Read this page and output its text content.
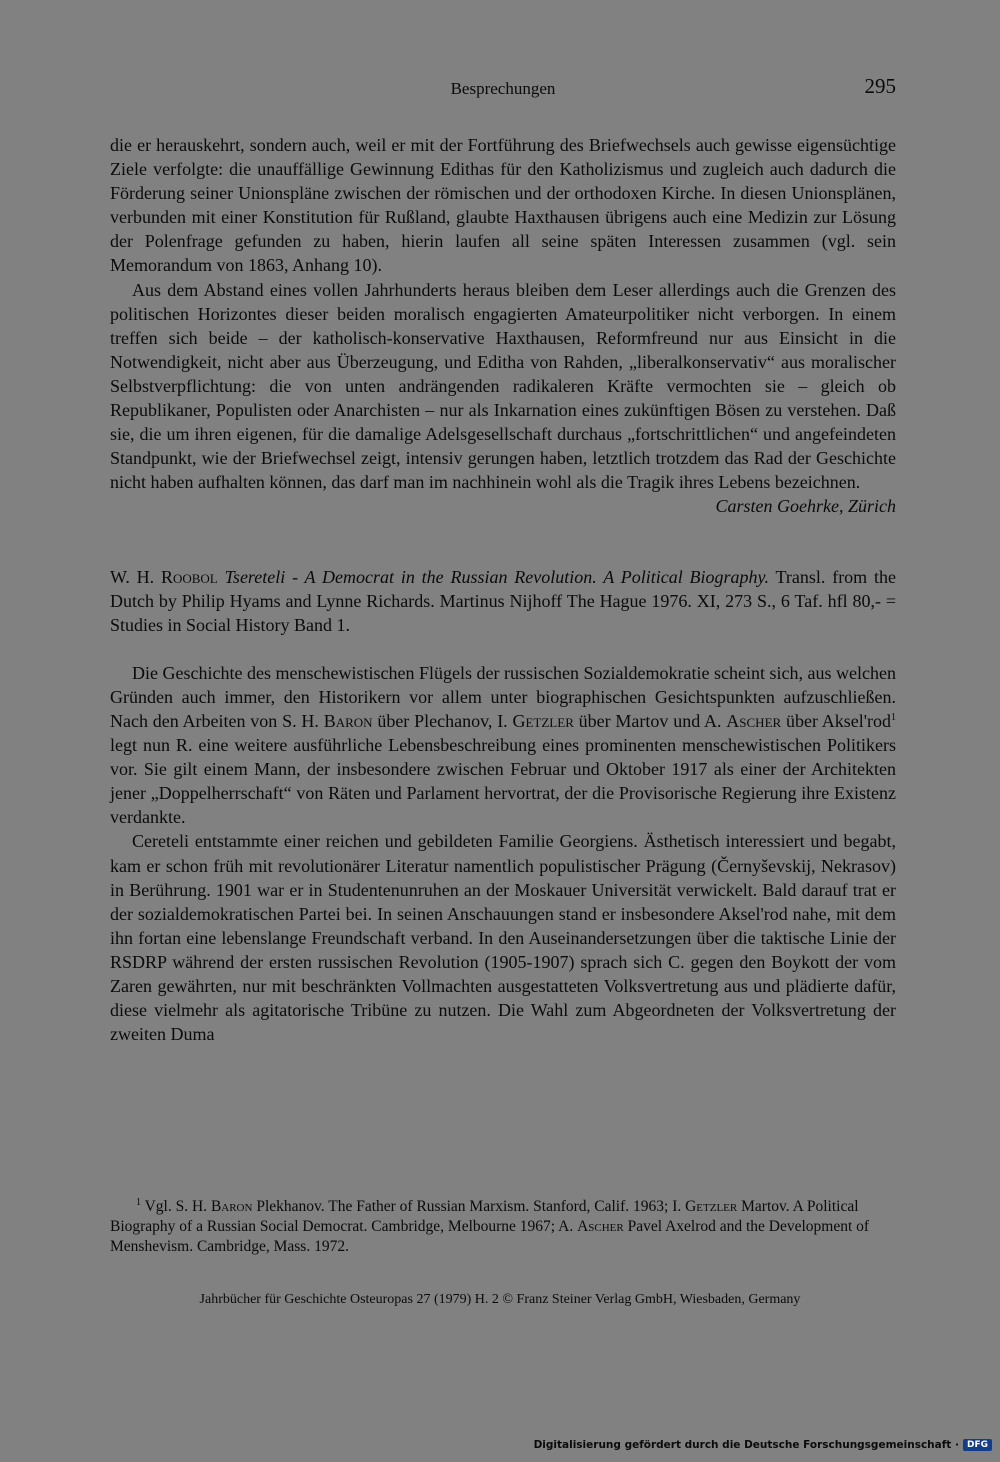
Besprechungen	295

die er herauskehrt, sondern auch, weil er mit der Fortführung des Briefwechsels auch gewisse eigensüchtige Ziele verfolgte: die unauffällige Gewinnung Edithas für den Katholizismus und zugleich auch dadurch die Förderung seiner Unionspläne zwischen der römischen und der orthodoxen Kirche. In diesen Unionsplänen, verbunden mit einer Konstitution für Rußland, glaubte Haxthausen übrigens auch eine Medizin zur Lösung der Polenfrage gefunden zu haben, hierin laufen all seine späten Interessen zusammen (vgl. sein Memorandum von 1863, Anhang 10).

Aus dem Abstand eines vollen Jahrhunderts heraus bleiben dem Leser allerdings auch die Grenzen des politischen Horizontes dieser beiden moralisch engagierten Amateurpolitiker nicht verborgen. In einem treffen sich beide – der katholisch-konservative Haxthausen, Reformfreund nur aus Einsicht in die Notwendigkeit, nicht aber aus Überzeugung, und Editha von Rahden, „liberalkonservativ“ aus moralischer Selbstverpflichtung: die von unten andrängenden radikaleren Kräfte vermochten sie – gleich ob Republikaner, Populisten oder Anarchisten – nur als Inkarnation eines zukünftigen Bösen zu verstehen. Daß sie, die um ihren eigenen, für die damalige Adelsgesellschaft durchaus „fortschrittlichen“ und angefeindeten Standpunkt, wie der Briefwechsel zeigt, intensiv gerungen haben, letztlich trotzdem das Rad der Geschichte nicht haben aufhalten können, das darf man im nachhinein wohl als die Tragik ihres Lebens bezeichnen.

Carsten Goehrke, Zürich

W. H. Roobol Tsereteli - A Democrat in the Russian Revolution. A Political Biography. Transl. from the Dutch by Philip Hyams and Lynne Richards. Martinus Nijhoff The Hague 1976. XI, 273 S., 6 Taf. hfl 80,- = Studies in Social History Band 1.

Die Geschichte des menschewistischen Flügels der russischen Sozialdemokratie scheint sich, aus welchen Gründen auch immer, den Historikern vor allem unter biographischen Gesichtspunkten aufzuschließen. Nach den Arbeiten von S. H. Baron über Plechanov, I. Getzler über Martov und A. Ascher über Aksel'rod$^1$ legt nun R. eine weitere ausführliche Lebensbeschreibung eines prominenten menschewistischen Politikers vor. Sie gilt einem Mann, der insbesondere zwischen Februar und Oktober 1917 als einer der Architekten jener „Doppelherrschaft“ von Räten und Parlament hervortrat, der die Provisorische Regierung ihre Existenz verdankte.

Cereteli entstammte einer reichen und gebildeten Familie Georgiens. Ästhetisch interessiert und begabt, kam er schon früh mit revolutionärer Literatur namentlich populistischer Prägung (Černyševskij, Nekrasov) in Berührung. 1901 war er in Studentenunruhen an der Moskauer Universität verwickelt. Bald darauf trat er der sozialdemokratischen Partei bei. In seinen Anschauungen stand er insbesondere Aksel'rod nahe, mit dem ihn fortan eine lebenslange Freundschaft verband. In den Auseinandersetzungen über die taktische Linie der RSDRP während der ersten russischen Revolution (1905-1907) sprach sich C. gegen den Boykott der vom Zaren gewährten, nur mit beschränkten Vollmachten ausgestatteten Volksvertretung aus und plädierte dafür, diese vielmehr als agitatorische Tribüne zu nutzen. Die Wahl zum Abgeordneten der Volksvertretung der zweiten Duma

$^1$ Vgl. S. H. Baron Plekhanov. The Father of Russian Marxism. Stanford, Calif. 1963; I. Getzler Martov. A Political Biography of a Russian Social Democrat. Cambridge, Melbourne 1967; A. Ascher Pavel Axelrod and the Development of Menshevism. Cambridge, Mass. 1972.

Jahrbücher für Geschichte Osteuropas 27 (1979) H. 2 © Franz Steiner Verlag GmbH, Wiesbaden, Germany
Digitalisierung gefördert durch die Deutsche Forschungsgemeinschaft · DFG
